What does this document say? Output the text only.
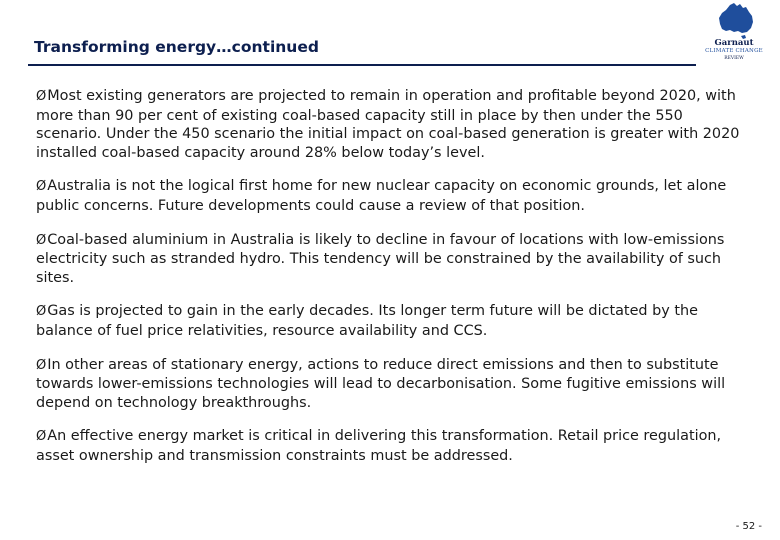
Transforming energy…continued	Garnaut
CLIMATE CHANGE
REVIEW
ØMost existing generators are projected to remain in operation and profitable beyond 2020, with more than 90 per cent of existing coal-based capacity still in place by then under the 550 scenario. Under the 450 scenario the initial impact on coal-based generation is greater with 2020 installed coal-based capacity around 28% below today’s level.
ØAustralia is not the logical first home for new nuclear capacity on economic grounds, let alone public concerns. Future developments could cause a review of that position.
ØCoal-based aluminium in Australia is likely to decline in favour of locations with low-emissions electricity such as stranded hydro. This tendency will be constrained by the availability of such sites.
ØGas is projected to gain in the early decades. Its longer term future will be dictated by the balance of fuel price relativities, resource availability and CCS.
ØIn other areas of stationary energy, actions to reduce direct emissions and then to substitute towards lower-emissions technologies will lead to decarbonisation. Some fugitive emissions will depend on technology breakthroughs.
ØAn effective energy market is critical in delivering this transformation. Retail price regulation, asset ownership and transmission constraints must be addressed.
- 52 -
